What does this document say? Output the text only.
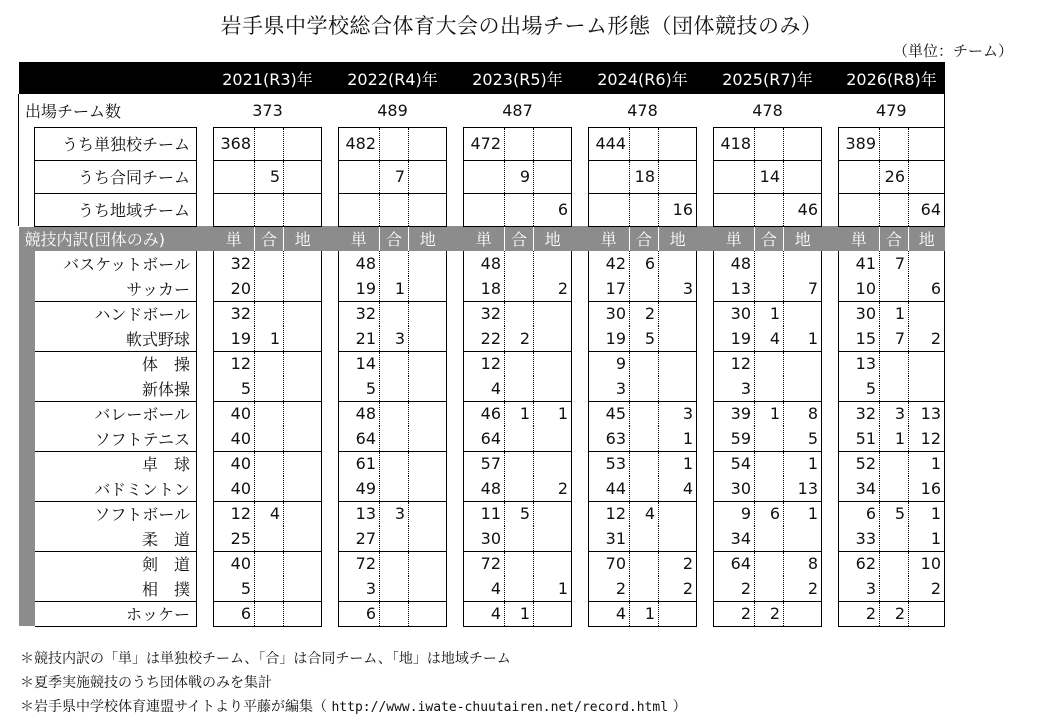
岩手県中学校総合体育大会の出場チーム形態（団体競技のみ）
（単位：チーム）
			2021(R3)年				2022(R4)年				2023(R5)年				2024(R6)年				2025(R7)年				2026(R8)年		
出場チーム数			373				489				487				478				478				479		
	うち単独校チーム		368				482				472				444				418				389		
	うち合同チーム			5				7				9				18				14				26	
	うち地域チーム												6				16				46				64
競技内訳(団体のみ)			単	合	地		単	合	地		単	合	地		単	合	地		単	合	地		単	合	地
	バスケットボール		32				48				48				42	6			48				41	7	
	サッカー		20				19	1			18		2		17		3		13		7		10		6
	ハンドボール		32				32				32				30	2			30	1			30	1	
	軟式野球		19	1			21	3			22	2			19	5			19	4	1		15	7	2
	体　操		12				14				12				9				12				13		
	新体操		5				5				4				3				3				5		
	バレーボール		40				48				46	1	1		45		3		39	1	8		32	3	13
	ソフトテニス		40				64				64				63		1		59		5		51	1	12
	卓　球		40				61				57				53		1		54		1		52		1
	バドミントン		40				49				48		2		44		4		30		13		34		16
	ソフトボール		12	4			13	3			11	5			12	4			9	6	1		6	5	1
	柔　道		25				27				30				31				34				33		1
	剣　道		40				72				72				70		2		64		8		62		10
	相　撲		5				3				4		1		2		2		2		2		3		2
	ホッケー		6				6				4	1			4	1			2	2			2	2	
＊競技内訳の「単」は単独校チーム、「合」は合同チーム、「地」は地域チーム
＊夏季実施競技のうち団体戦のみを集計
＊岩手県中学校体育連盟サイトより平藤が編集（ http://www.iwate-chuutairen.net/record.html ）
